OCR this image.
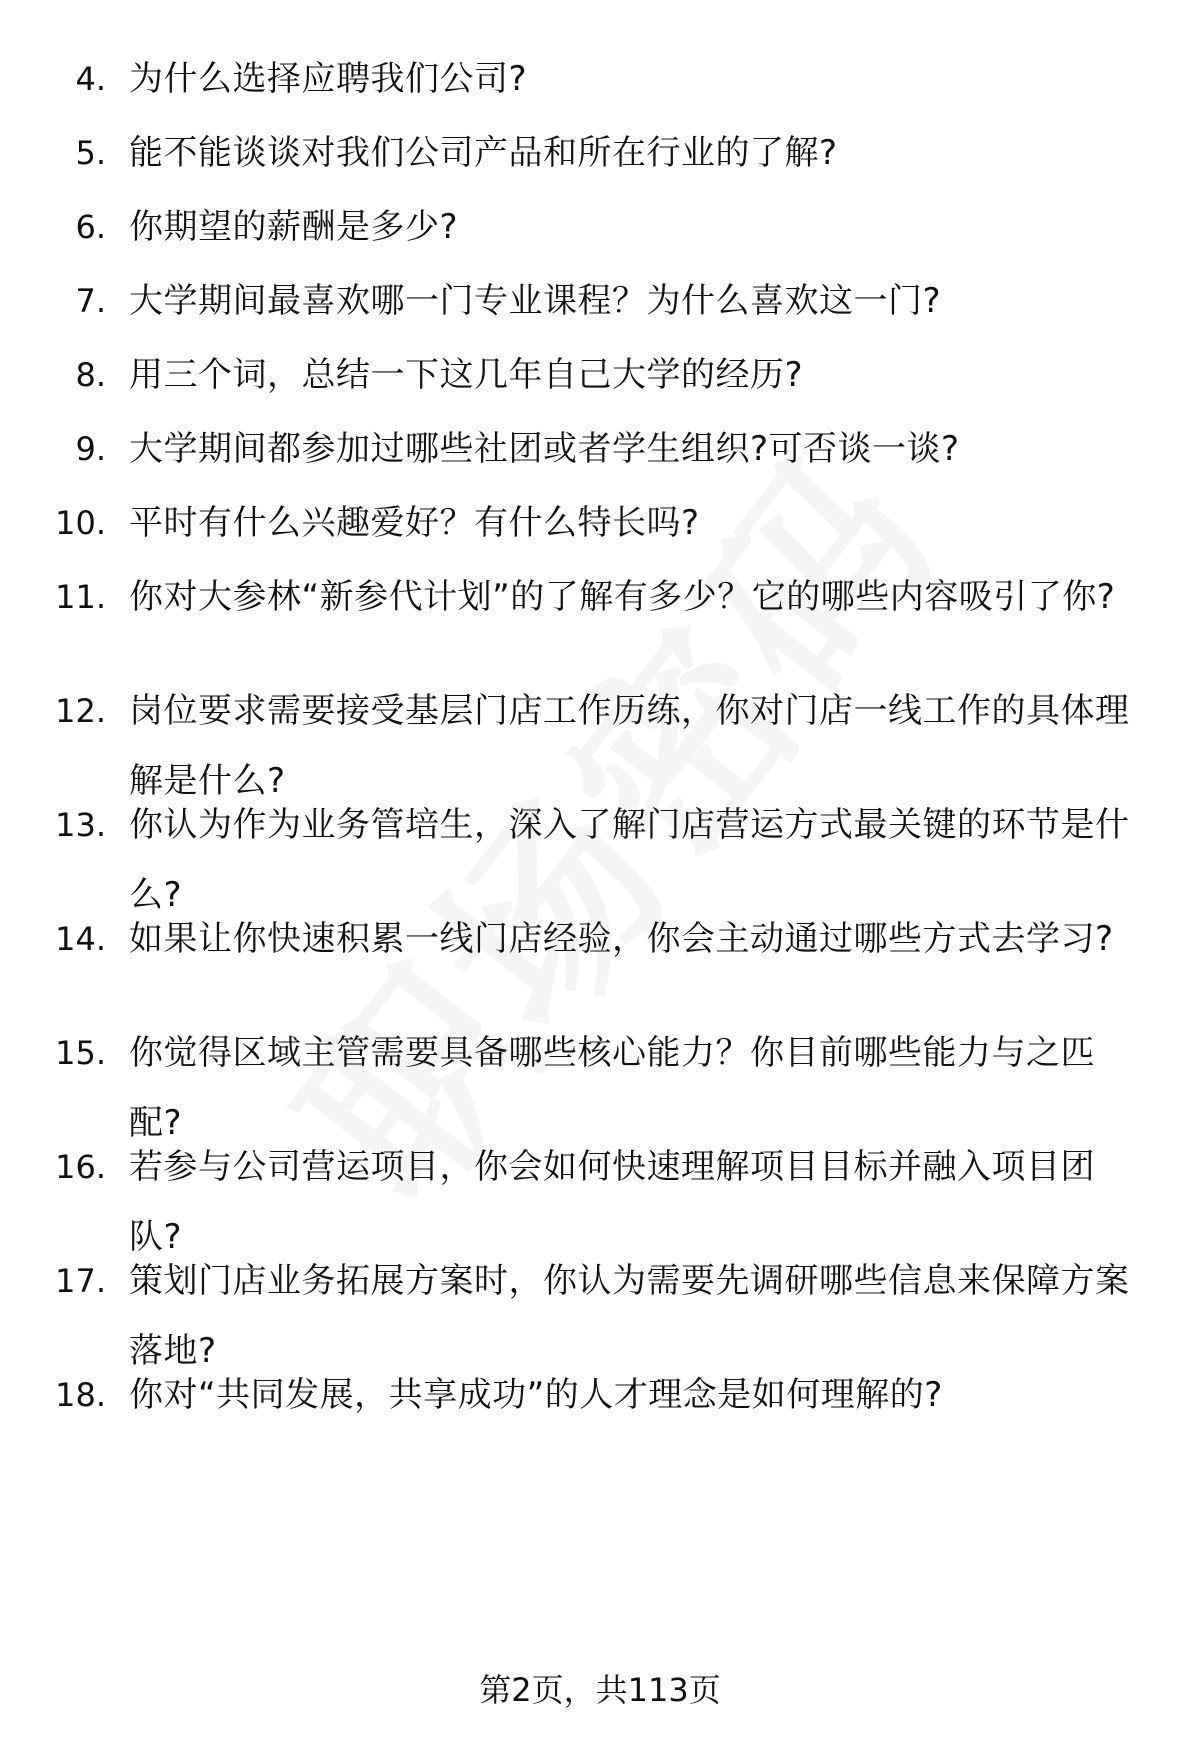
4. 为什么选择应聘我们公司?
5. 能不能谈谈对我们公司产品和所在行业的了解?
6. 你期望的薪酬是多少?
7. 大学期间最喜欢哪一门专业课程？为什么喜欢这一门?
8. 用三个词，总结一下这几年自己大学的经历?
9. 大学期间都参加过哪些社团或者学生组织?可否谈一谈?
10. 平时有什么兴趣爱好？有什么特长吗?
11. 你对大参林“新参代计划”的了解有多少？它的哪些内容吸引了你?
12. 岗位要求需要接受基层门店工作历练，你对门店一线工作的具体理解是什么?
13. 你认为作为业务管培生，深入了解门店营运方式最关键的环节是什么?
14. 如果让你快速积累一线门店经验，你会主动通过哪些方式去学习?
15. 你觉得区域主管需要具备哪些核心能力？你目前哪些能力与之匹配?
16. 若参与公司营运项目，你会如何快速理解项目目标并融入项目团队?
17. 策划门店业务拓展方案时，你认为需要先调研哪些信息来保障方案落地?
18. 你对“共同发展，共享成功”的人才理念是如何理解的?
第2页，共113页
